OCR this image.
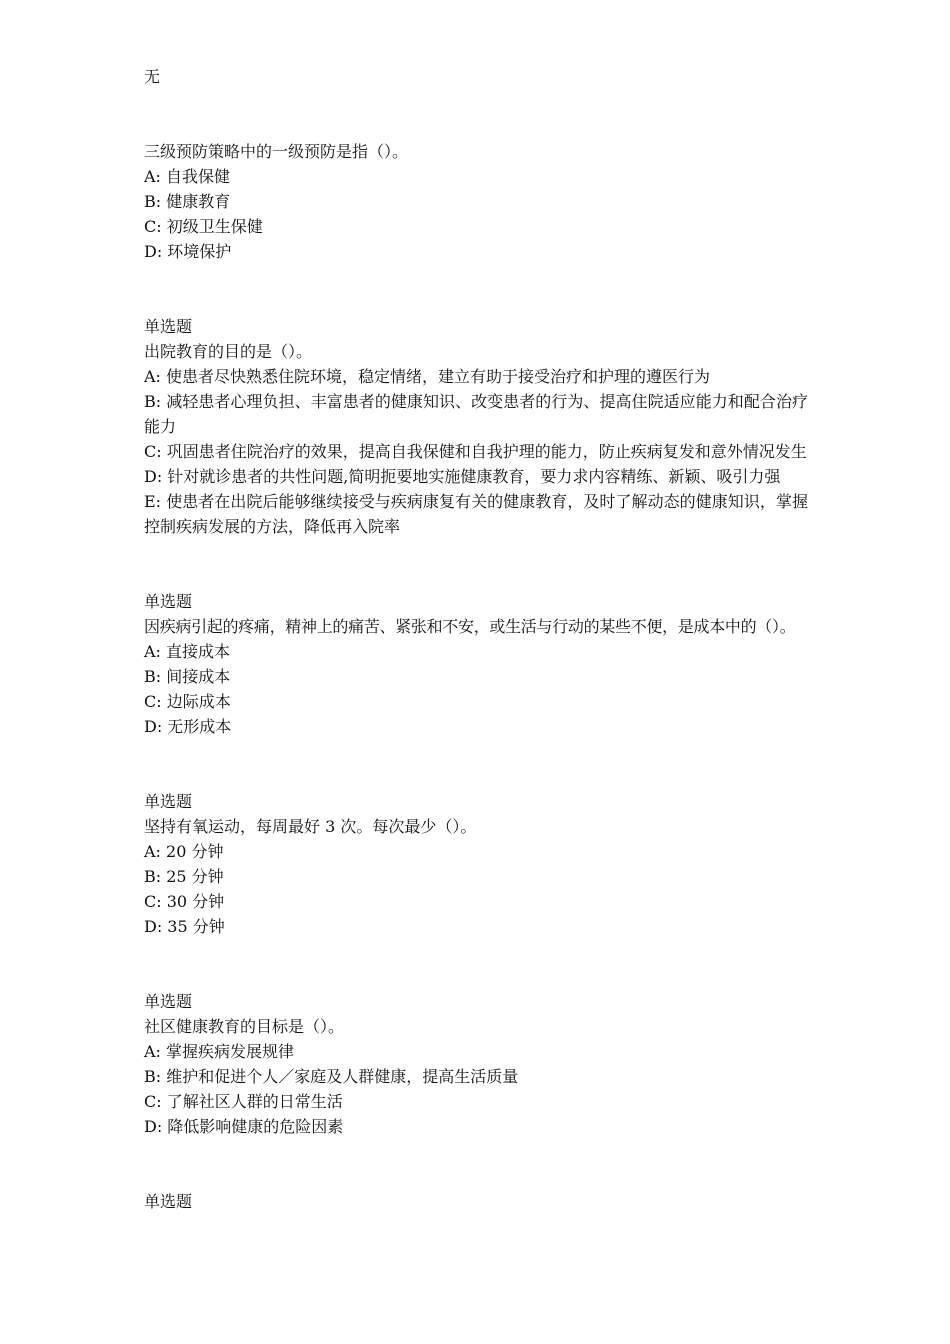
无
三级预防策略中的一级预防是指（）。
A: 自我保健
B: 健康教育
C: 初级卫生保健
D: 环境保护
单选题
出院教育的目的是（）。
A: 使患者尽快熟悉住院环境，稳定情绪，建立有助于接受治疗和护理的遵医行为
B: 减轻患者心理负担、丰富患者的健康知识、改变患者的行为、提高住院适应能力和配合治疗能力
C: 巩固患者住院治疗的效果，提高自我保健和自我护理的能力，防止疾病复发和意外情况发生
D: 针对就诊患者的共性问题,简明扼要地实施健康教育，要力求内容精练、新颖、吸引力强
E: 使患者在出院后能够继续接受与疾病康复有关的健康教育，及时了解动态的健康知识，掌握控制疾病发展的方法，降低再入院率
单选题
因疾病引起的疼痛，精神上的痛苦、紧张和不安，或生活与行动的某些不便，是成本中的（）。
A: 直接成本
B: 间接成本
C: 边际成本
D: 无形成本
单选题
坚持有氧运动，每周最好 3 次。每次最少（）。
A: 20 分钟
B: 25 分钟
C: 30 分钟
D: 35 分钟
单选题
社区健康教育的目标是（）。
A: 掌握疾病发展规律
B: 维护和促进个人／家庭及人群健康，提高生活质量
C: 了解社区人群的日常生活
D: 降低影响健康的危险因素
单选题
